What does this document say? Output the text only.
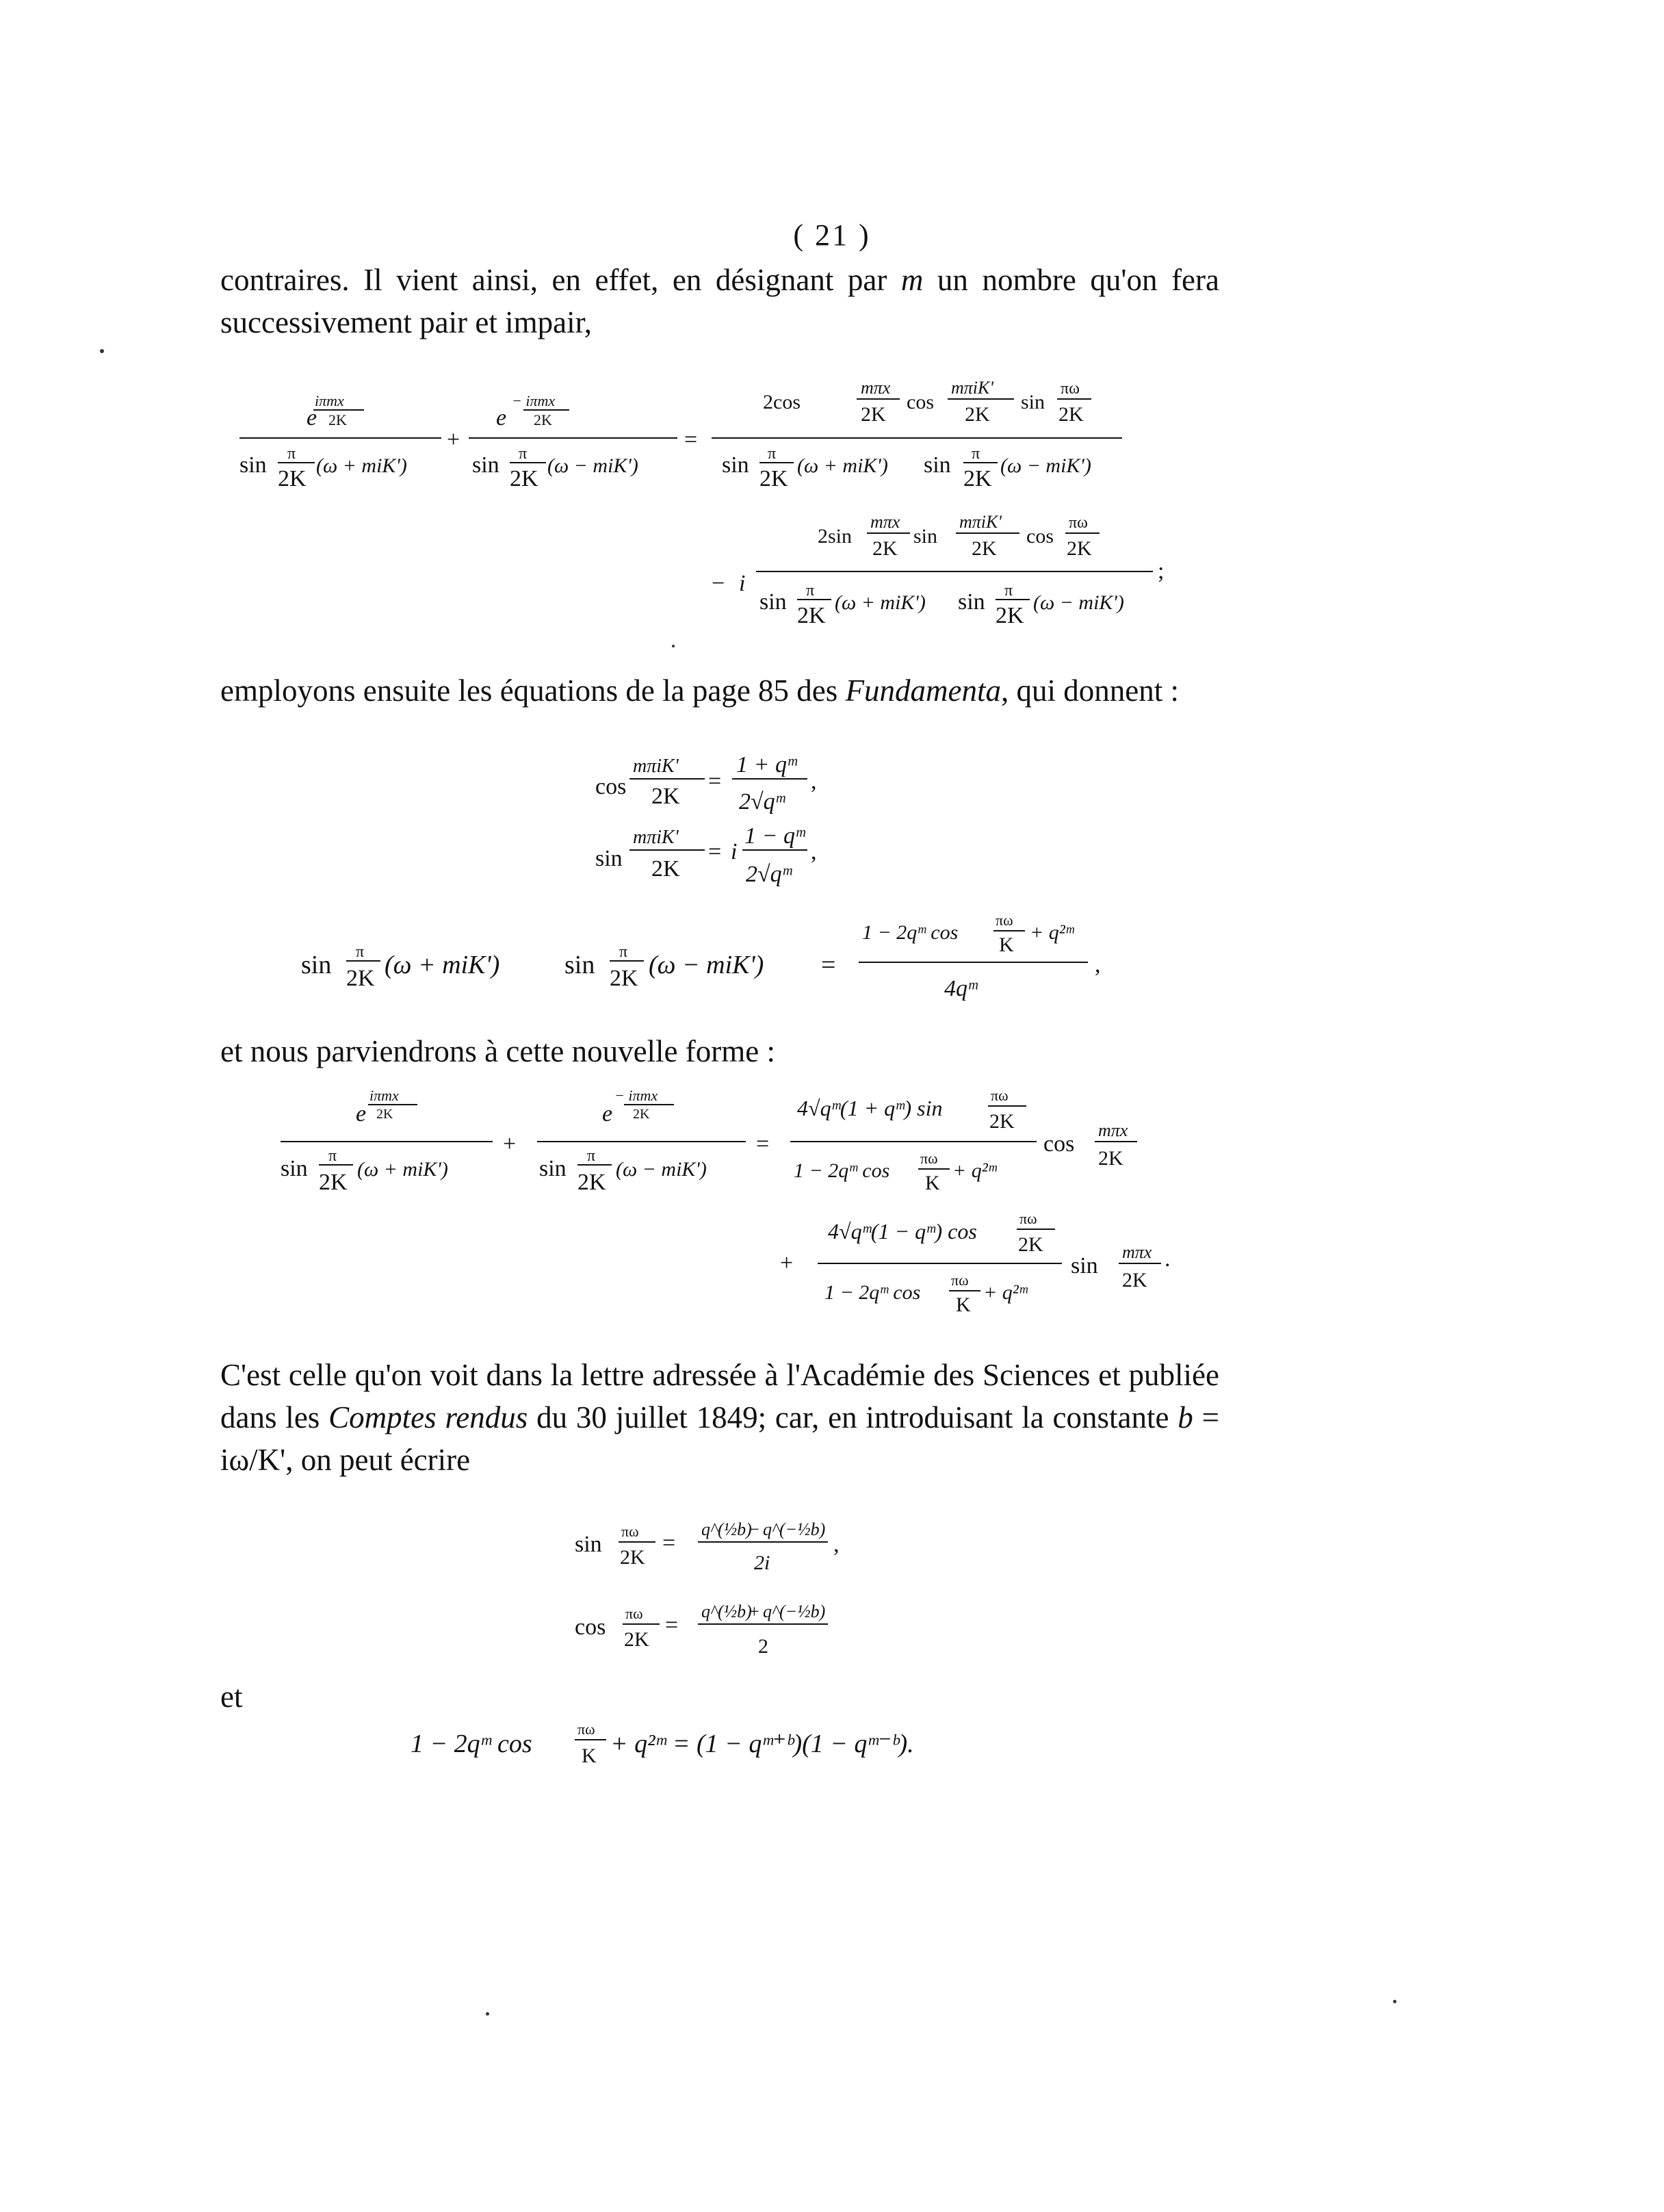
( 21 )
contraires. Il vient ainsi, en effet, en désignant par m un nombre qu'on fera successivement pair et impair,
iπmx
2K
e
sin π
2K
(ω + miK')
+
− iπmx
2K
e
sin π
2K
(ω − miK')
=
2cos
mπx
2K
cos
mπiK'
2K
sin
πω
2K
sin π
2K
(ω + miK') sin π
2K
(ω − miK')
− i
2sin
mπx
2K
sin
mπiK'
2K
cos
πω
2K
sin π
2K
(ω + miK') sin π
2K
(ω − miK')
;
employons ensuite les équations de la page 85 des Fundamenta, qui donnent :
cos
mπiK'
2K
=
1 + qᵐ
2√qᵐ
,
sin
mπiK'
2K
= i
1 − qᵐ
2√qᵐ
,
sin π
2K (ω + miK') sin π
2K (ω − miK') =
1 − 2qᵐ cos
πω
K
+ q²ᵐ
4qᵐ
,
et nous parviendrons à cette nouvelle forme :
iπmx
2K
e
sin π
2K
(ω + miK')
+
− iπmx
2K
e
sin π
2K
(ω − miK')
=
4√qᵐ(1 + qᵐ) sin
πω
2K
1 − 2qᵐ cos
πω
K
+ q²ᵐ
cos
mπx
2K
+
4√qᵐ(1 − qᵐ) cos
πω
2K
1 − 2qᵐ cos
πω
K
+ q²ᵐ
sin
mπx
2K
.
C'est celle qu'on voit dans la lettre adressée à l'Académie des Sciences et publiée dans les Comptes rendus du 30 juillet 1849; car, en introduisant la constante b = iω/K', on peut écrire
sin
πω
2K
=
q^(½b)
− q^(−½b)
2i
,
cos
πω
2K
=
q^(½b)
+ q^(−½b)
2
et
1 − 2qᵐ cos
πω
K + q²ᵐ = (1 − qᵐ⁺ᵇ)(1 − qᵐ⁻ᵇ).
